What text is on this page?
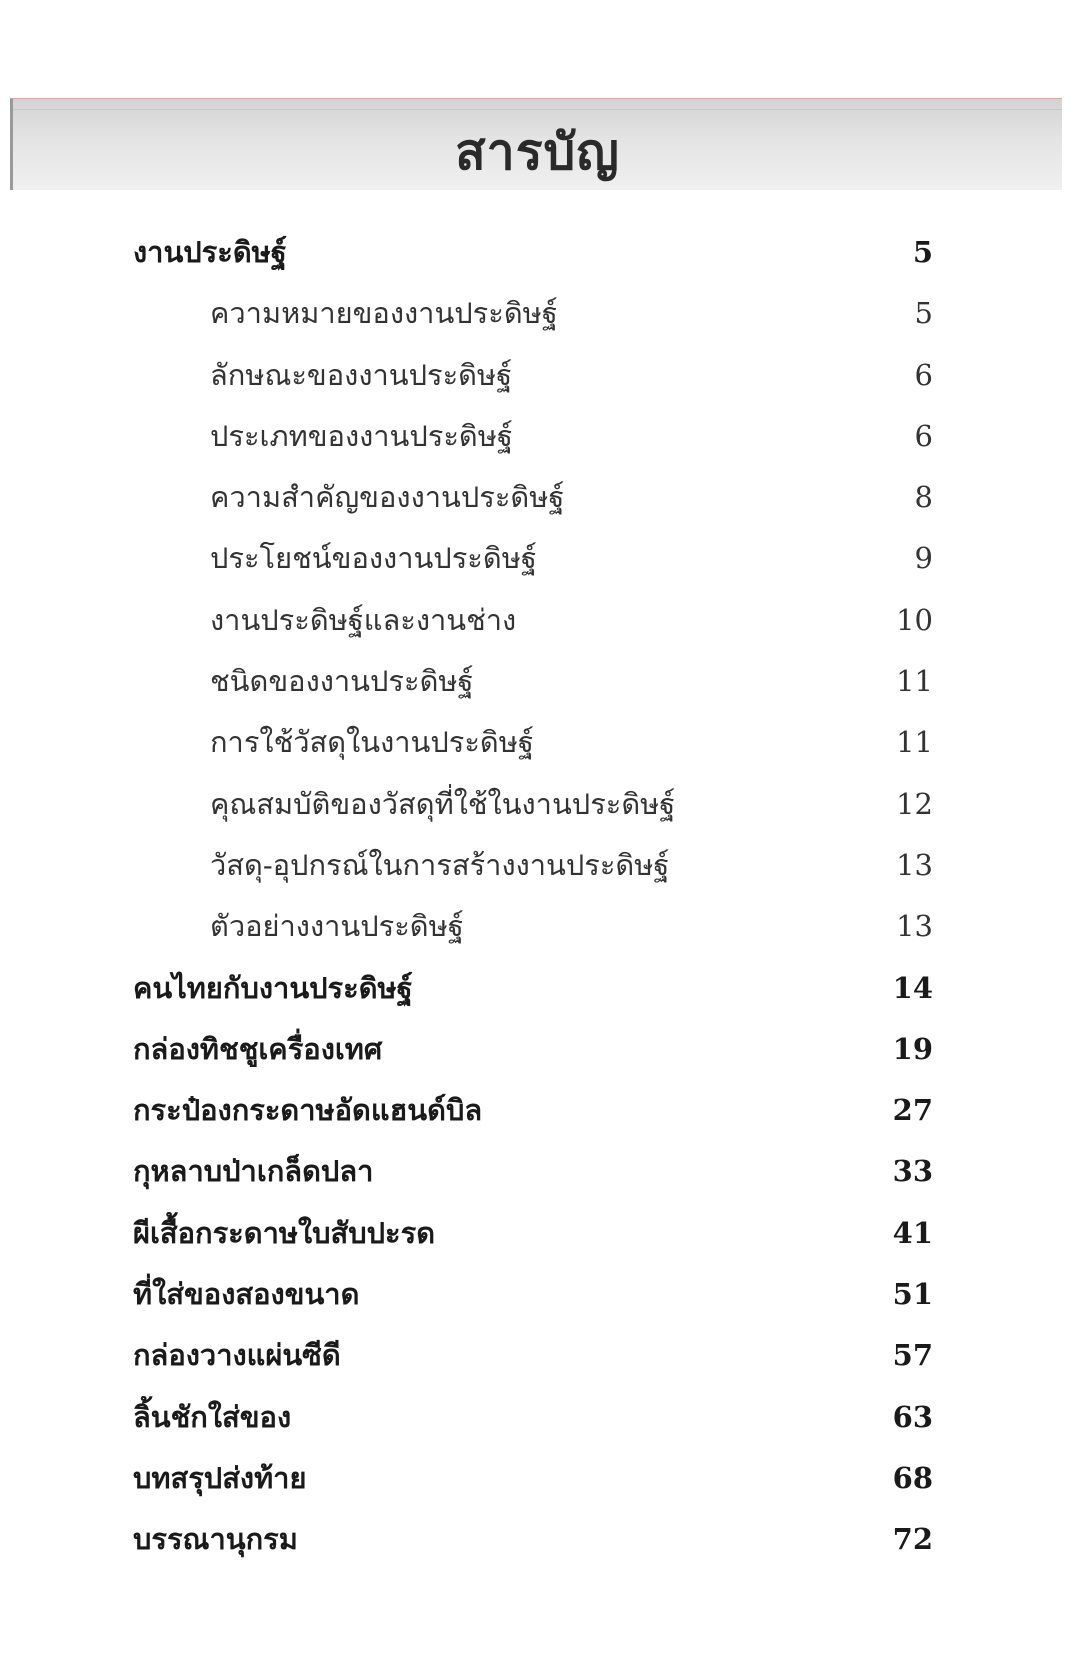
สารบัญ
งานประดิษฐ์	5
ความหมายของงานประดิษฐ์	5
ลักษณะของงานประดิษฐ์	6
ประเภทของงานประดิษฐ์	6
ความสำคัญของงานประดิษฐ์	8
ประโยชน์ของงานประดิษฐ์	9
งานประดิษฐ์และงานช่าง	10
ชนิดของงานประดิษฐ์	11
การใช้วัสดุในงานประดิษฐ์	11
คุณสมบัติของวัสดุที่ใช้ในงานประดิษฐ์	12
วัสดุ-อุปกรณ์ในการสร้างงานประดิษฐ์	13
ตัวอย่างงานประดิษฐ์	13
คนไทยกับงานประดิษฐ์	14
กล่องทิชชูเครื่องเทศ	19
กระป๋องกระดาษอัดแฮนด์บิล	27
กุหลาบป่าเกล็ดปลา	33
ผีเสื้อกระดาษใบสับปะรด	41
ที่ใส่ของสองขนาด	51
กล่องวางแผ่นซีดี	57
ลิ้นชักใส่ของ	63
บทสรุปส่งท้าย	68
บรรณานุกรม	72
